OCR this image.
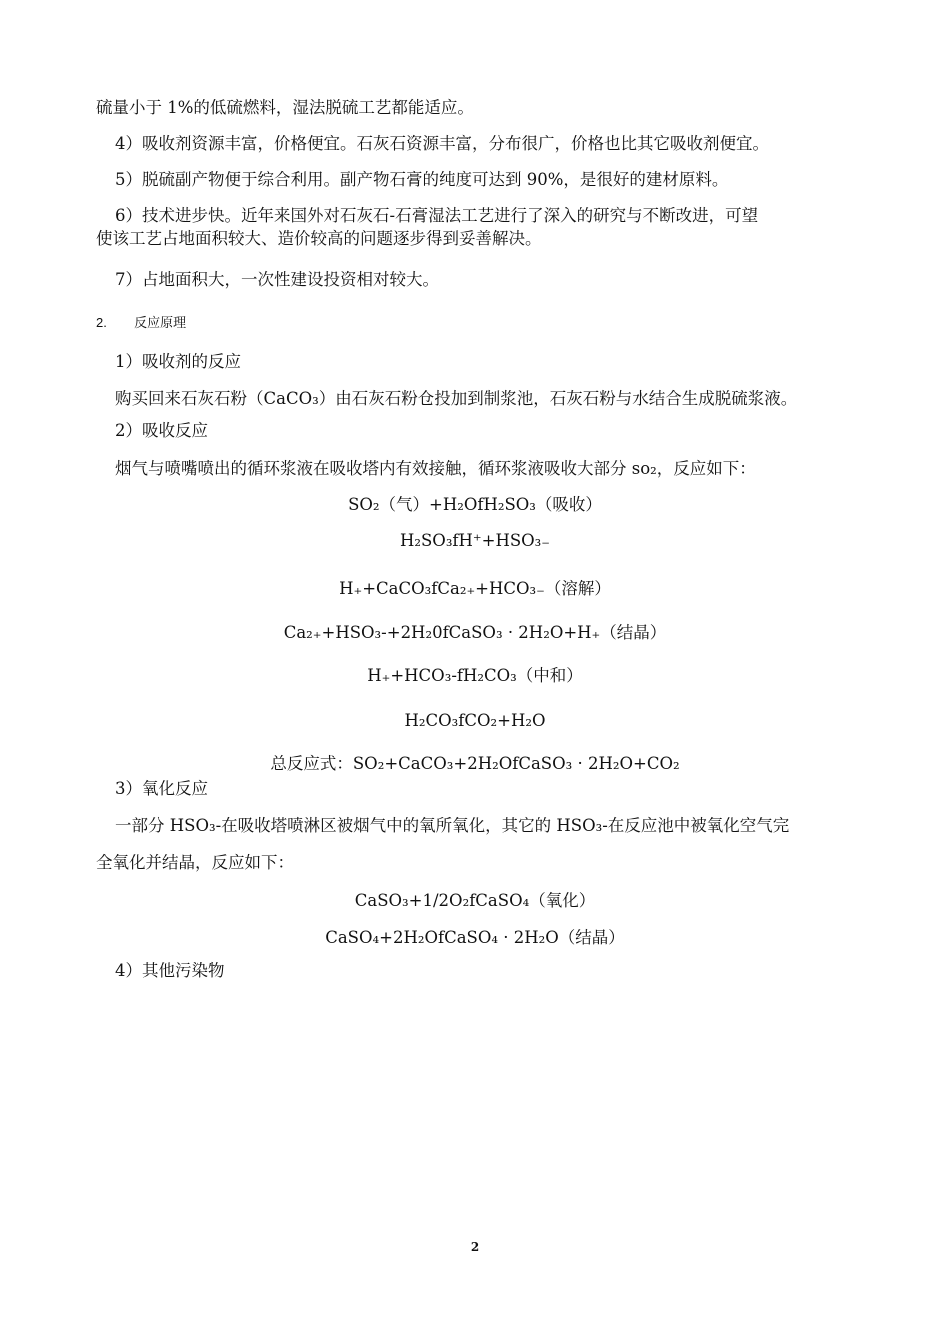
硫量小于 1%的低硫燃料，湿法脱硫工艺都能适应。
4）吸收剂资源丰富，价格便宜。石灰石资源丰富，分布很广，价格也比其它吸收剂便宜。
5）脱硫副产物便于综合利用。副产物石膏的纯度可达到 90%，是很好的建材原料。
6）技术进步快。近年来国外对石灰石-石膏湿法工艺进行了深入的研究与不断改进，可望
使该工艺占地面积较大、造价较高的问题逐步得到妥善解决。
7）占地面积大，一次性建设投资相对较大。
2. 反应原理
1）吸收剂的反应
购买回来石灰石粉（CaCO₃）由石灰石粉仓投加到制浆池，石灰石粉与水结合生成脱硫浆液。
2）吸收反应
烟气与喷嘴喷出的循环浆液在吸收塔内有效接触，循环浆液吸收大部分 so₂，反应如下：
SO₂（气）+H₂OfH₂SO₃（吸收）
H₂SO₃fH⁺+HSO₃₋
H₊+CaCO₃fCa₂₊+HCO₃₋（溶解）
Ca₂₊+HSO₃-+2H₂0fCaSO₃ · 2H₂O+H₊（结晶）
H₊+HCO₃-fH₂CO₃（中和）
H₂CO₃fCO₂+H₂O
总反应式：SO₂+CaCO₃+2H₂OfCaSO₃ · 2H₂O+CO₂
3）氧化反应
一部分 HSO₃-在吸收塔喷淋区被烟气中的氧所氧化，其它的 HSO₃-在反应池中被氧化空气完
全氧化并结晶，反应如下：
CaSO₃+1/2O₂fCaSO₄（氧化）
CaSO₄+2H₂OfCaSO₄ · 2H₂O（结晶）
4）其他污染物
2
